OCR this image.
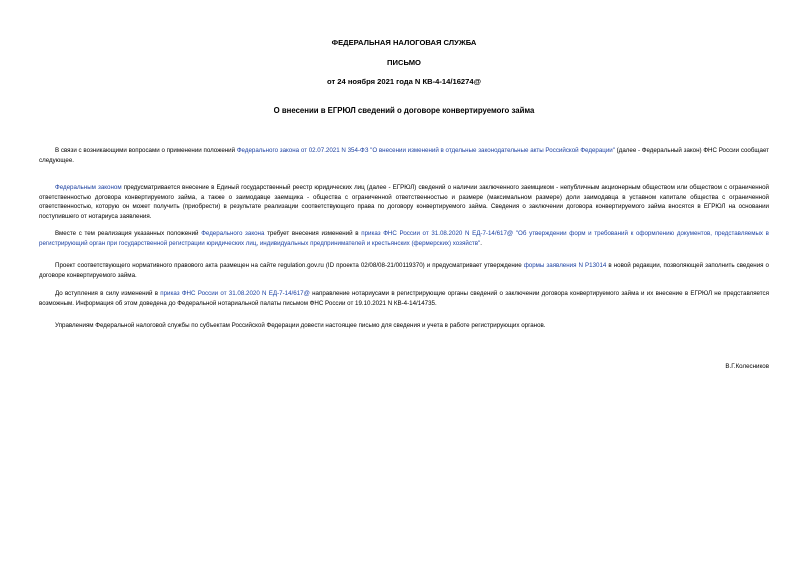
ФЕДЕРАЛЬНАЯ НАЛОГОВАЯ СЛУЖБА
ПИСЬМО
от 24 ноября 2021 года N КВ-4-14/16274@
О внесении в ЕГРЮЛ сведений о договоре конвертируемого займа

В связи с возникающими вопросами о применении положений Федерального закона от 02.07.2021 N 354-ФЗ "О внесении изменений в отдельные законодательные акты Российской Федерации" (далее - Федеральный закон) ФНС России сообщает следующее.

Федеральным законом предусматривается внесение в Единый государственный реестр юридических лиц (далее - ЕГРЮЛ) сведений о наличии заключенного заемщиком - непубличным акционерным обществом или обществом с ограниченной ответственностью договора конвертируемого займа, а также о заимодавце заемщика - общества с ограниченной ответственностью и размере (максимальном размере) доли заимодавца в уставном капитале общества с ограниченной ответственностью, которую он может получить (приобрести) в результате реализации соответствующего права по договору конвертируемого займа. Сведения о заключении договора конвертируемого займа вносятся в ЕГРЮЛ на основании поступившего от нотариуса заявления.

Вместе с тем реализация указанных положений Федерального закона требует внесения изменений в приказ ФНС России от 31.08.2020 N ЕД-7-14/617@ "Об утверждении форм и требований к оформлению документов, представляемых в регистрирующий орган при государственной регистрации юридических лиц, индивидуальных предпринимателей и крестьянских (фермерских) хозяйств".

Проект соответствующего нормативного правового акта размещен на сайте regulation.gov.ru (ID проекта 02/08/08-21/00119370) и предусматривает утверждение формы заявления N Р13014 в новой редакции, позволяющей заполнить сведения о договоре конвертируемого займа.

До вступления в силу изменений в приказ ФНС России от 31.08.2020 N ЕД-7-14/617@ направление нотариусами в регистрирующие органы сведений о заключении договора конвертируемого займа и их внесение в ЕГРЮЛ не представляется возможным. Информация об этом доведена до Федеральной нотариальной палаты письмом ФНС России от 19.10.2021 N КВ-4-14/14735.

Управлениям Федеральной налоговой службы по субъектам Российской Федерации довести настоящее письмо для сведения и учета в работе регистрирующих органов.

В.Г.Колесников
